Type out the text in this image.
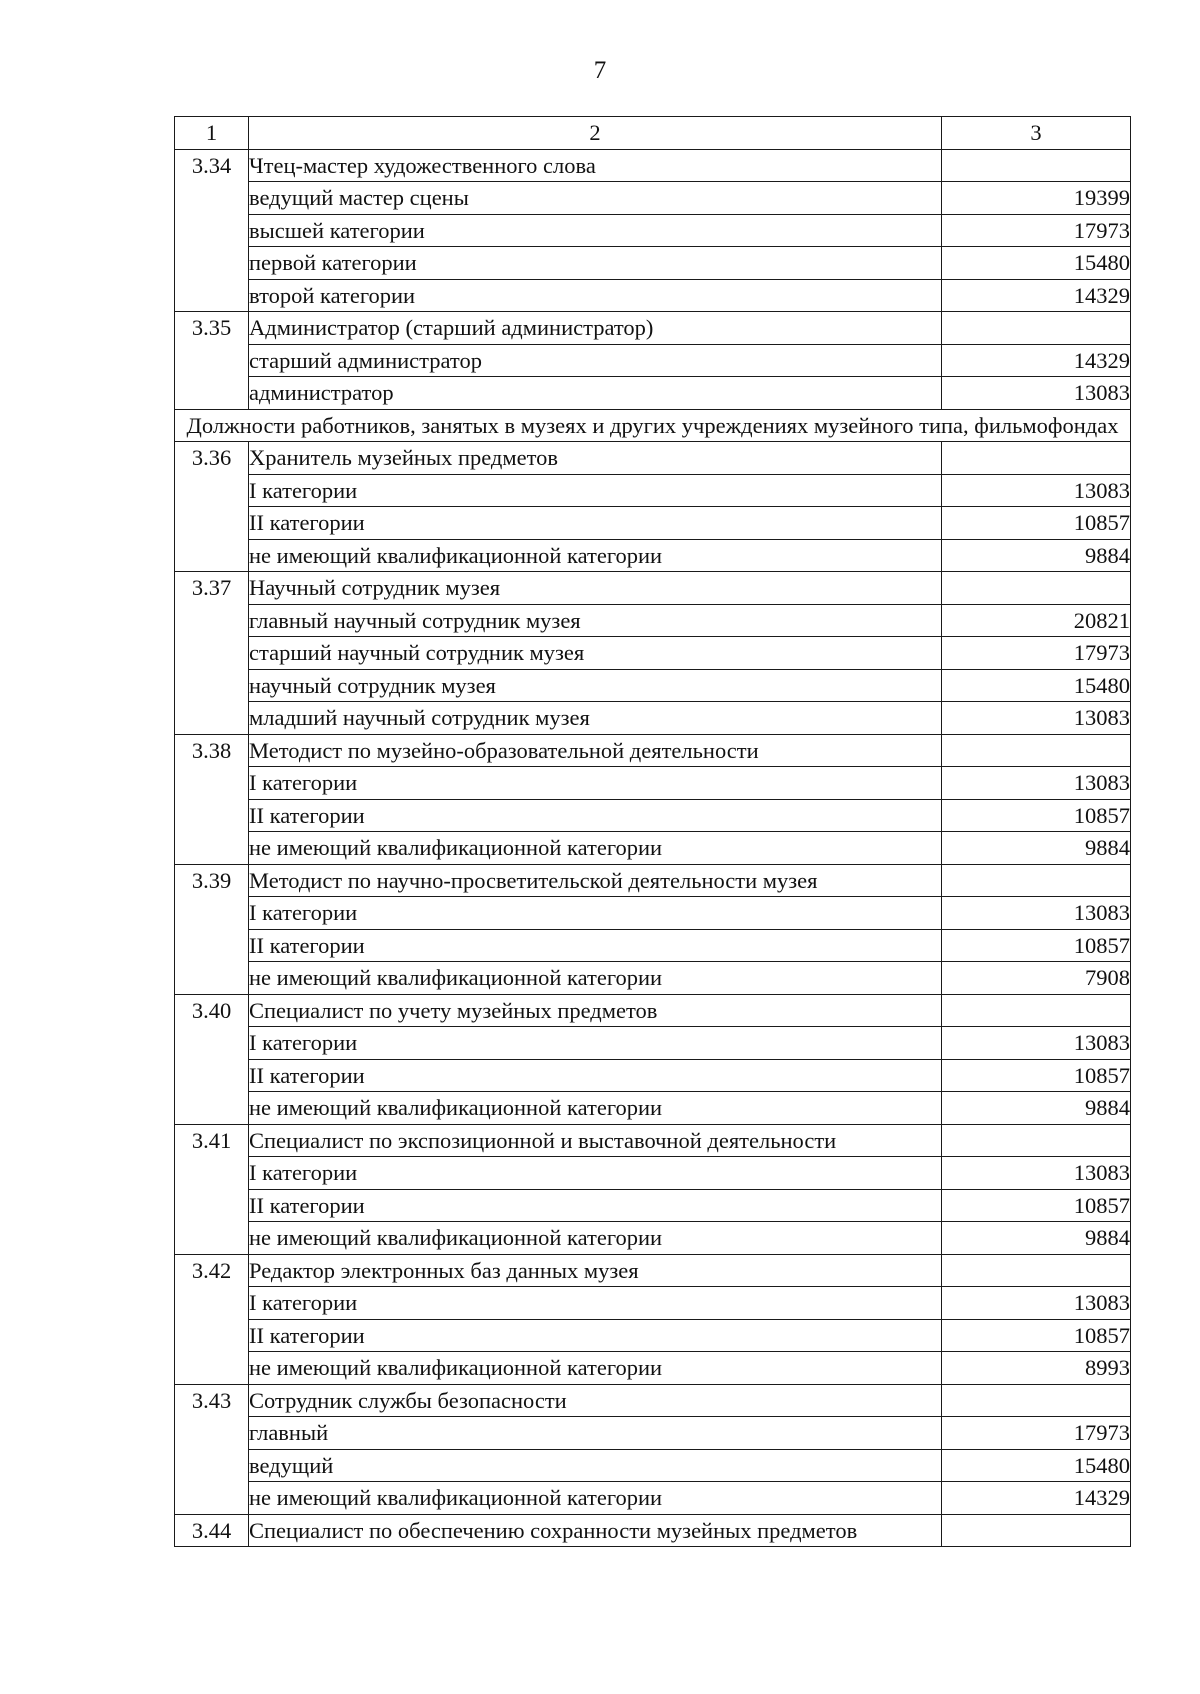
7
1	2	3
3.34	Чтец-мастер художественного слова	
	ведущий мастер сцены	19399
	высшей категории	17973
	первой категории	15480
	второй категории	14329
3.35	Администратор (старший администратор)	
	старший администратор	14329
	администратор	13083
Должности работников, занятых в музеях и других учреждениях музейного типа, фильмофондах		
3.36	Хранитель музейных предметов	
	I категории	13083
	II категории	10857
	не имеющий квалификационной категории	9884
3.37	Научный сотрудник музея	
	главный научный сотрудник музея	20821
	старший научный сотрудник музея	17973
	научный сотрудник музея	15480
	младший научный сотрудник музея	13083
3.38	Методист по музейно-образовательной деятельности	
	I категории	13083
	II категории	10857
	не имеющий квалификационной категории	9884
3.39	Методист по научно-просветительской деятельности музея	
	I категории	13083
	II категории	10857
	не имеющий квалификационной категории	7908
3.40	Специалист по учету музейных предметов	
	I категории	13083
	II категории	10857
	не имеющий квалификационной категории	9884
3.41	Специалист по экспозиционной и выставочной деятельности	
	I категории	13083
	II категории	10857
	не имеющий квалификационной категории	9884
3.42	Редактор электронных баз данных музея	
	I категории	13083
	II категории	10857
	не имеющий квалификационной категории	8993
3.43	Сотрудник службы безопасности	
	главный	17973
	ведущий	15480
	не имеющий квалификационной категории	14329
3.44	Специалист по обеспечению сохранности музейных предметов	
